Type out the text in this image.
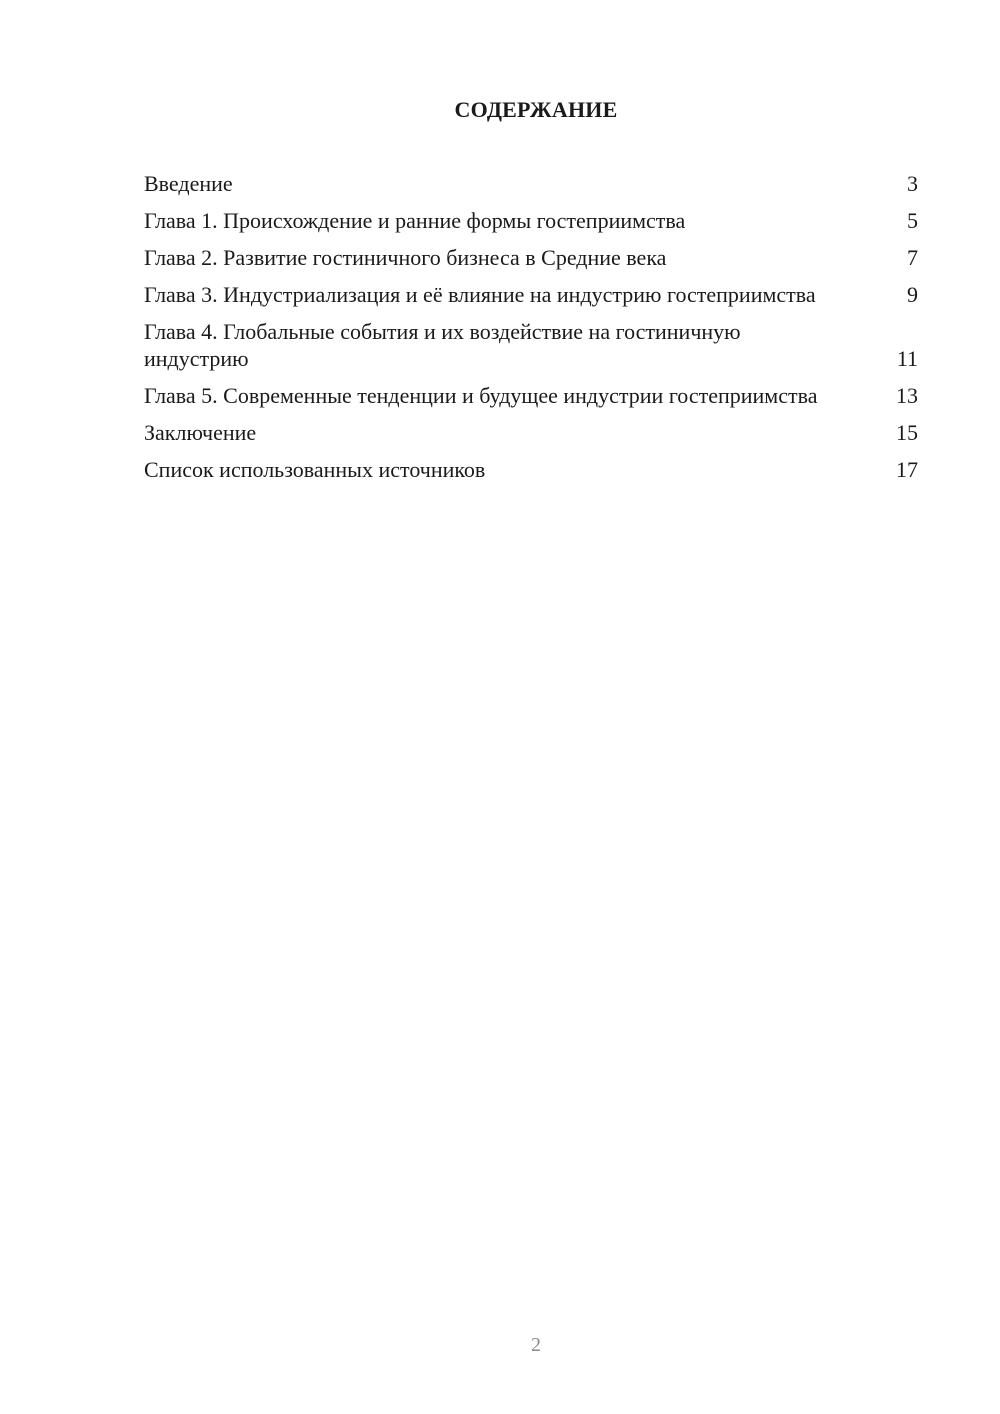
СОДЕРЖАНИЕ
Введение	3
Глава 1. Происхождение и ранние формы гостеприимства	5
Глава 2. Развитие гостиничного бизнеса в Средние века	7
Глава 3. Индустриализация и её влияние на индустрию гостеприимства	9
Глава 4. Глобальные события и их воздействие на гостиничную индустрию	11
Глава 5. Современные тенденции и будущее индустрии гостеприимства	13
Заключение	15
Список использованных источников	17
2
